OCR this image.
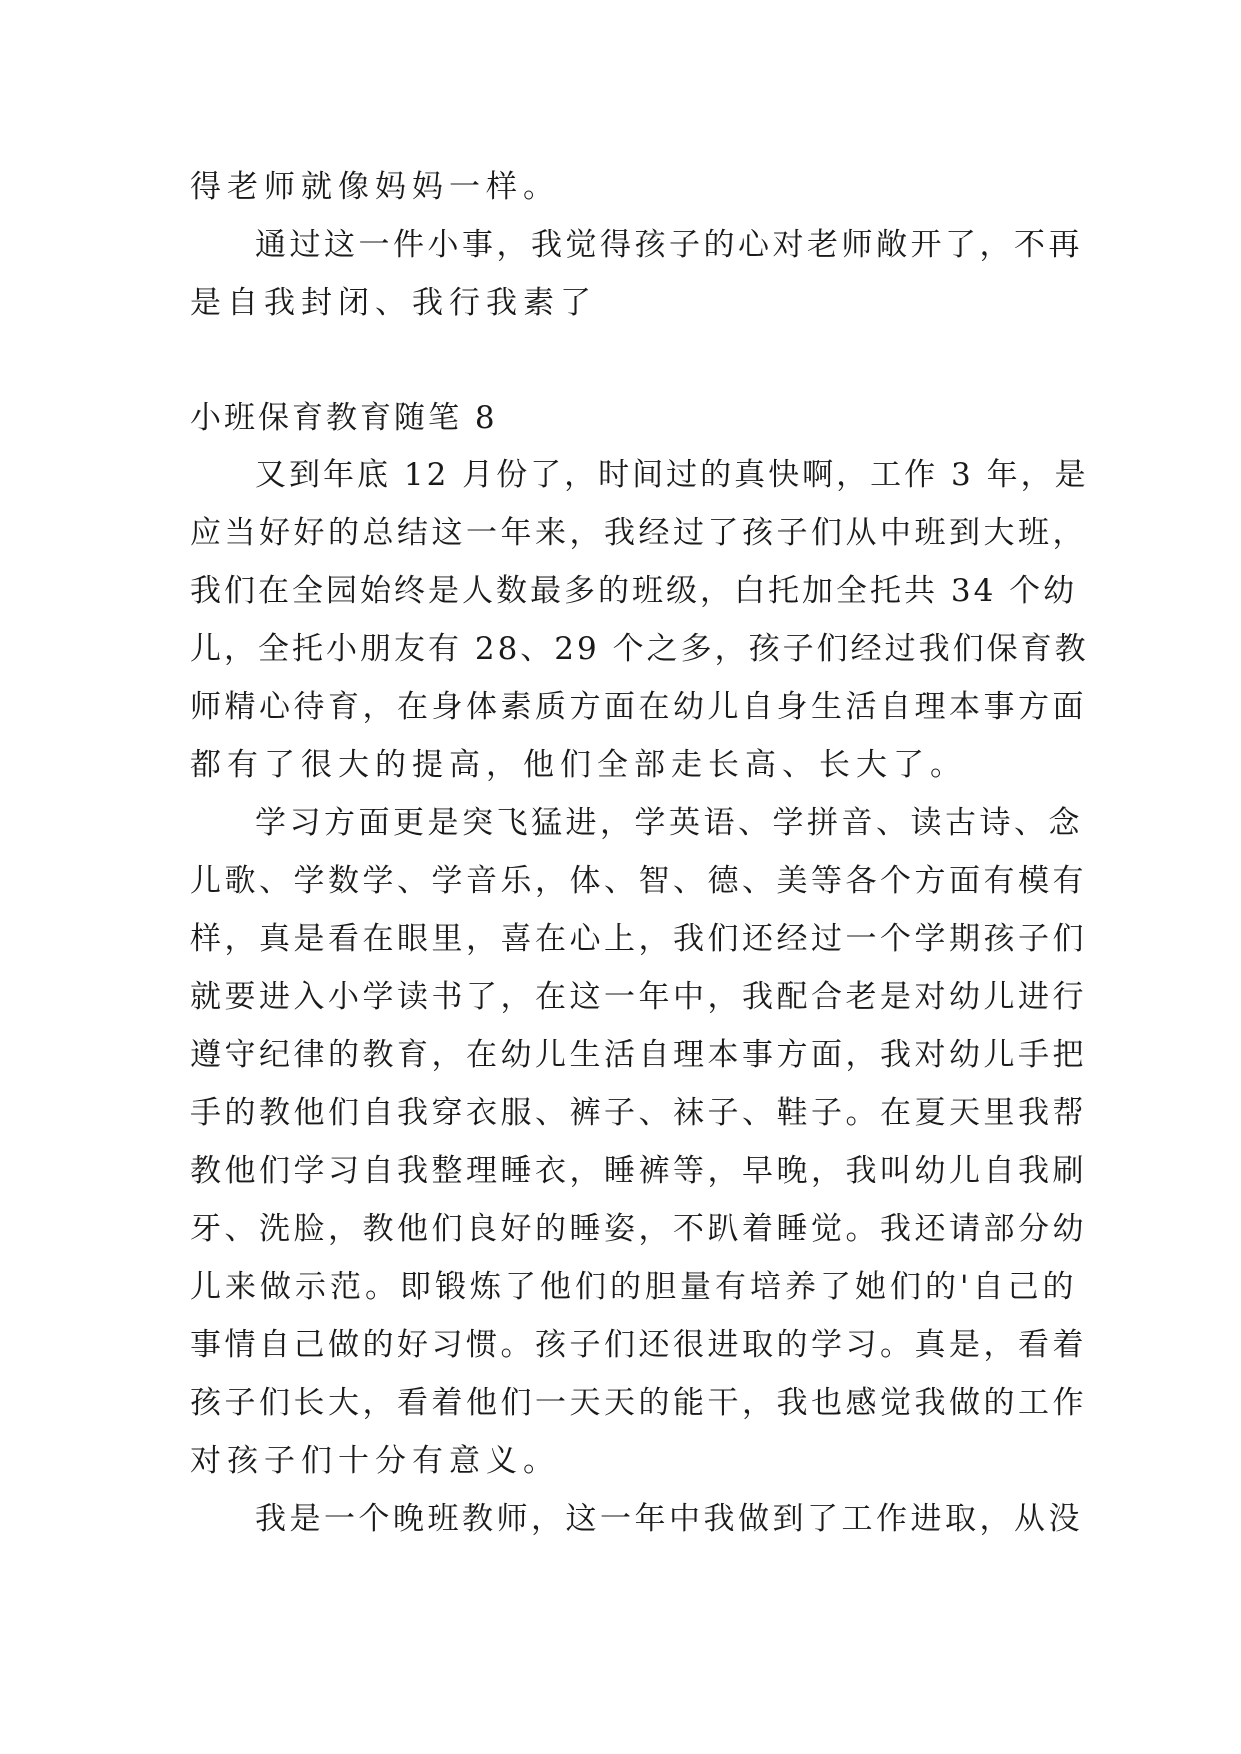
得老师就像妈妈一样。
通过这一件小事，我觉得孩子的心对老师敞开了，不再
是自我封闭、我行我素了
小班保育教育随笔 8
又到年底 12 月份了，时间过的真快啊，工作 3 年，是
应当好好的总结这一年来，我经过了孩子们从中班到大班，
我们在全园始终是人数最多的班级，白托加全托共 34 个幼
儿，全托小朋友有 28、29 个之多，孩子们经过我们保育教
师精心待育，在身体素质方面在幼儿自身生活自理本事方面
都有了很大的提高，他们全部走长高、长大了。
学习方面更是突飞猛进，学英语、学拼音、读古诗、念
儿歌、学数学、学音乐，体、智、德、美等各个方面有模有
样，真是看在眼里，喜在心上，我们还经过一个学期孩子们
就要进入小学读书了，在这一年中，我配合老是对幼儿进行
遵守纪律的教育，在幼儿生活自理本事方面，我对幼儿手把
手的教他们自我穿衣服、裤子、袜子、鞋子。在夏天里我帮
教他们学习自我整理睡衣，睡裤等，早晚，我叫幼儿自我刷
牙、洗脸，教他们良好的睡姿，不趴着睡觉。我还请部分幼
儿来做示范。即锻炼了他们的胆量有培养了她们的'自己的
事情自己做的好习惯。孩子们还很进取的学习。真是，看着
孩子们长大，看着他们一天天的能干，我也感觉我做的工作
对孩子们十分有意义。
我是一个晚班教师，这一年中我做到了工作进取，从没
